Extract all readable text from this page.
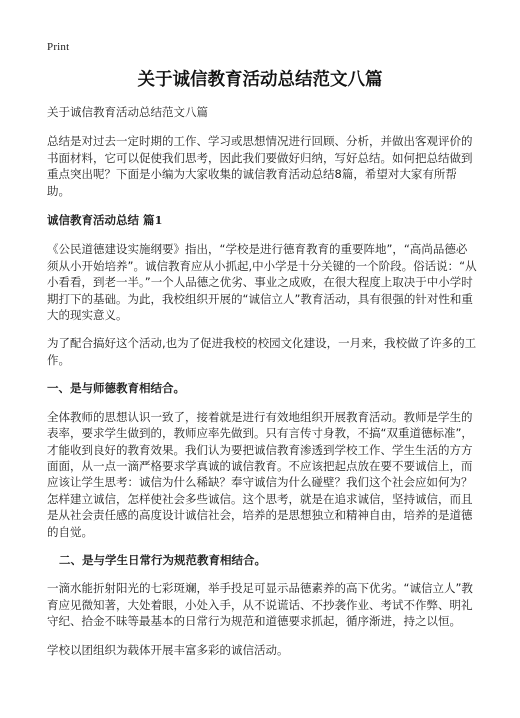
Print
关于诚信教育活动总结范文八篇

关于诚信教育活动总结范文八篇

总结是对过去一定时期的工作、学习或思想情况进行回顾、分析，并做出客观评价的书面材料，它可以促使我们思考，因此我们要做好归纳，写好总结。如何把总结做到重点突出呢？下面是小编为大家收集的诚信教育活动总结8篇，希望对大家有所帮助。

诚信教育活动总结 篇1

《公民道德建设实施纲要》指出，“学校是进行德育教育的重要阵地”，“高尚品德必须从小开始培养”。诚信教育应从小抓起,中小学是十分关键的一个阶段。俗话说：“从小看看，到老一半。”一个人品德之优劣、事业之成败，在很大程度上取决于中小学时期打下的基础。为此，我校组织开展的“诚信立人”教育活动，具有很强的针对性和重大的现实意义。

为了配合搞好这个活动,也为了促进我校的校园文化建设，一月来，我校做了许多的工作。

一、是与师德教育相结合。

全体教师的思想认识一致了，接着就是进行有效地组织开展教育活动。教师是学生的表率，要求学生做到的，教师应率先做到。只有言传寸身教，不搞“双重道德标准”，才能收到良好的教育效果。我们认为要把诚信教育渗透到学校工作、学生生活的方方面面，从一点一滴严格要求学真诚的诚信教育。不应该把起点放在要不要诚信上，而应该让学生思考：诚信为什么稀缺？奉守诚信为什么碰壁？我们这个社会应如何为？怎样建立诚信，怎样使社会多些诚信。这个思考，就是在追求诚信，坚持诚信，而且是从社会责任感的高度设计诚信社会，培养的是思想独立和精神自由，培养的是道德的自觉。

二、是与学生日常行为规范教育相结合。

一滴水能折射阳光的七彩斑斓，举手投足可显示品德素养的高下优劣。“诚信立人”教育应见微知著，大处着眼，小处入手，从不说谎话、不抄袭作业、考试不作弊、明礼守纪、拾金不昧等最基本的日常行为规范和道德要求抓起，循序渐进，持之以恒。

学校以团组织为载体开展丰富多彩的诚信活动。
